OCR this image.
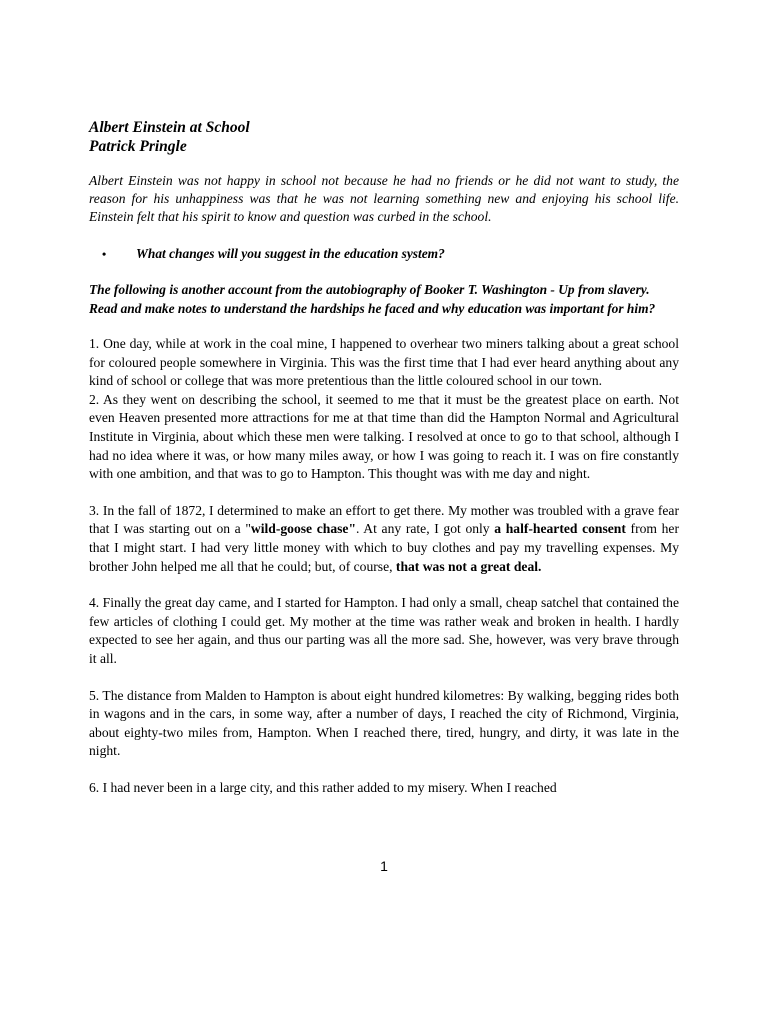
Albert Einstein at School
Patrick Pringle
Albert Einstein was not happy in school not because he had no friends or he did not want to study, the reason for his unhappiness was that he was not learning something new and enjoying his school life. Einstein felt that his spirit to know and question was curbed in the school.
•	What changes will you suggest in the education system?

The following is another account from the autobiography of Booker T. Washington - Up from slavery.

Read and make notes to understand the hardships he faced and why education was important for him?

1. One day, while at work in the coal mine, I happened to overhear two miners talking about a great school for coloured people somewhere in Virginia. This was the first time that I had ever heard anything about any kind of school or college that was more pretentious than the little coloured school in our town.

2. As they went on describing the school, it seemed to me that it must be the greatest place on earth. Not even Heaven presented more attractions for me at that time than did the Hampton Normal and Agricultural Institute in Virginia, about which these men were talking. I resolved at once to go to that school, although I had no idea where it was, or how many miles away, or how I was going to reach it. I was on fire constantly with one ambition, and that was to go to Hampton. This thought was with me day and night.

3. In the fall of 1872, I determined to make an effort to get there. My mother was troubled with a grave fear that I was starting out on a "wild-goose chase". At any rate, I got only a half-hearted consent from her that I might start. I had very little money with which to buy clothes and pay my travelling expenses. My brother John helped me all that he could; but, of course, that was not a great deal.

4. Finally the great day came, and I started for Hampton. I had only a small, cheap satchel that contained the few articles of clothing I could get. My mother at the time was rather weak and broken in health. I hardly expected to see her again, and thus our parting was all the more sad. She, however, was very brave through it all.

5. The distance from Malden to Hampton is about eight hundred kilometres: By walking, begging rides both in wagons and in the cars, in some way, after a number of days, I reached the city of Richmond, Virginia, about eighty-two miles from, Hampton. When I reached there, tired, hungry, and dirty, it was late in the night.

6. I had never been in a large city, and this rather added to my misery. When I reached

1
